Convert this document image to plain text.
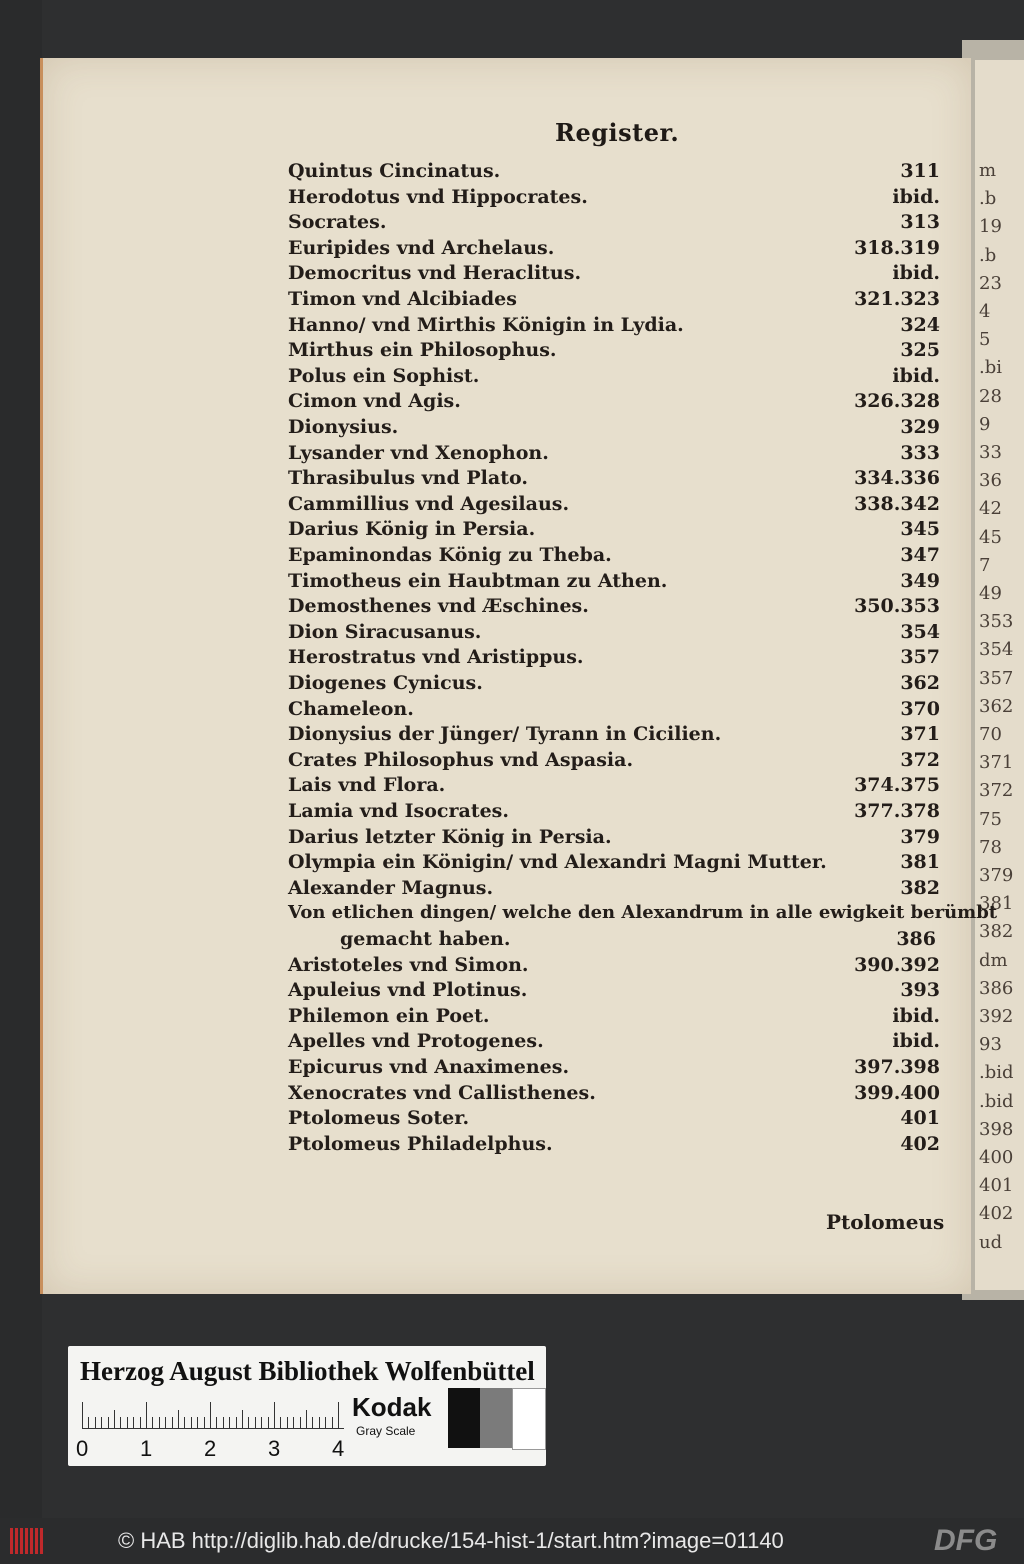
m
.b
19
.b
23
4
5
.bi
28
9
33
36
42
45
7
49
353
354
357
362
70
371
372
75
78
379
381
382
dm
386
392
93
.bid
.bid
398
400
401
402
ud
Register.
Quintus Cincinatus.	311
Herodotus vnd Hippocrates.	ibid.
Socrates.	313
Euripides vnd Archelaus.	318.319
Democritus vnd Heraclitus.	ibid.
Timon vnd Alcibiades	321.323
Hanno/ vnd Mirthis Königin in Lydia.	324
Mirthus ein Philosophus.	325
Polus ein Sophist.	ibid.
Cimon vnd Agis.	326.328
Dionysius.	329
Lysander vnd Xenophon.	333
Thrasibulus vnd Plato.	334.336
Cammillius vnd Agesilaus.	338.342
Darius König in Persia.	345
Epaminondas König zu Theba.	347
Timotheus ein Haubtman zu Athen.	349
Demosthenes vnd Æschines.	350.353
Dion Siracusanus.	354
Herostratus vnd Aristippus.	357
Diogenes Cynicus.	362
Chameleon.	370
Dionysius der Jünger/ Tyrann in Cicilien.	371
Crates Philosophus vnd Aspasia.	372
Lais vnd Flora.	374.375
Lamia vnd Isocrates.	377.378
Darius letzter König in Persia.	379
Olympia ein Königin/ vnd Alexandri Magni Mutter.	381
Alexander Magnus.	382
Von etlichen dingen/ welche den Alexandrum in alle ewigkeit berümbt
gemacht haben.	386
Aristoteles vnd Simon.	390.392
Apuleius vnd Plotinus.	393
Philemon ein Poet.	ibid.
Apelles vnd Protogenes.	ibid.
Epicurus vnd Anaximenes.	397.398
Xenocrates vnd Callisthenes.	399.400
Ptolomeus Soter.	401
Ptolomeus Philadelphus.	402
Ptolomeus
Herzog August Bibliothek Wolfenbüttel
0 1 2 3 4
Kodak
Gray Scale
© HAB http://diglib.hab.de/drucke/154-hist-1/start.htm?image=01140	DFG
